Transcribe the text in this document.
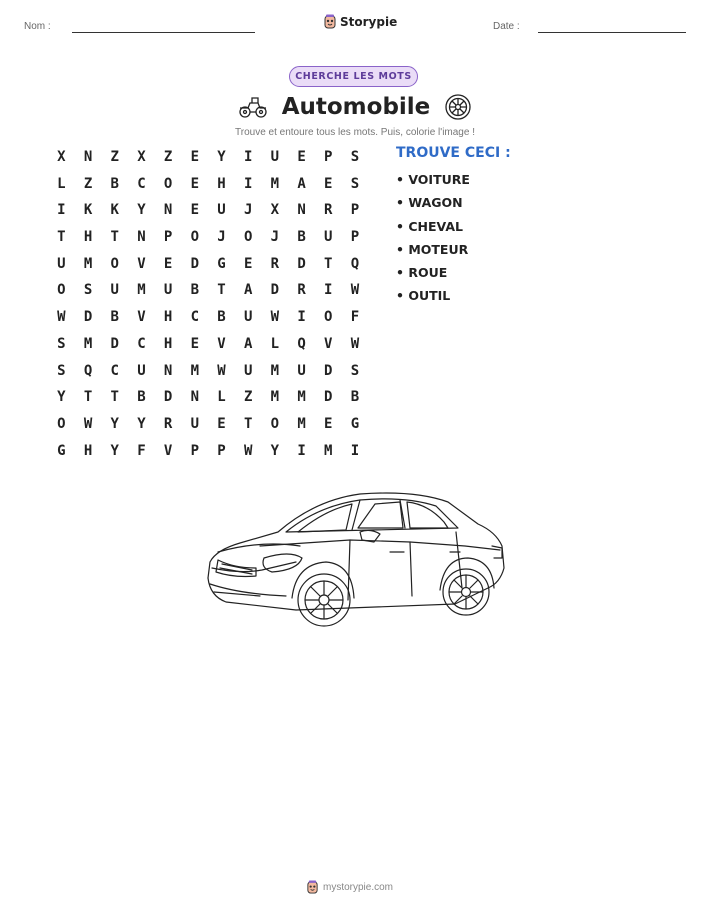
Nom :	Storypie	Date :
CHERCHE LES MOTS
Automobile
Trouve et entoure tous les mots. Puis, colorie l'image !
X	N	Z	X	Z	E	Y	I	U	E	P	S
L	Z	B	C	O	E	H	I	M	A	E	S
I	K	K	Y	N	E	U	J	X	N	R	P
T	H	T	N	P	O	J	O	J	B	U	P
U	M	O	V	E	D	G	E	R	D	T	Q
O	S	U	M	U	B	T	A	D	R	I	W
W	D	B	V	H	C	B	U	W	I	O	F
S	M	D	C	H	E	V	A	L	Q	V	W
S	Q	C	U	N	M	W	U	M	U	D	S
Y	T	T	B	D	N	L	Z	M	M	D	B
O	W	Y	Y	R	U	E	T	O	M	E	G
G	H	Y	F	V	P	P	W	Y	I	M	I
TROUVE CECI :
• VOITURE
• WAGON
• CHEVAL
• MOTEUR
• ROUE
• OUTIL
mystorypie.com
